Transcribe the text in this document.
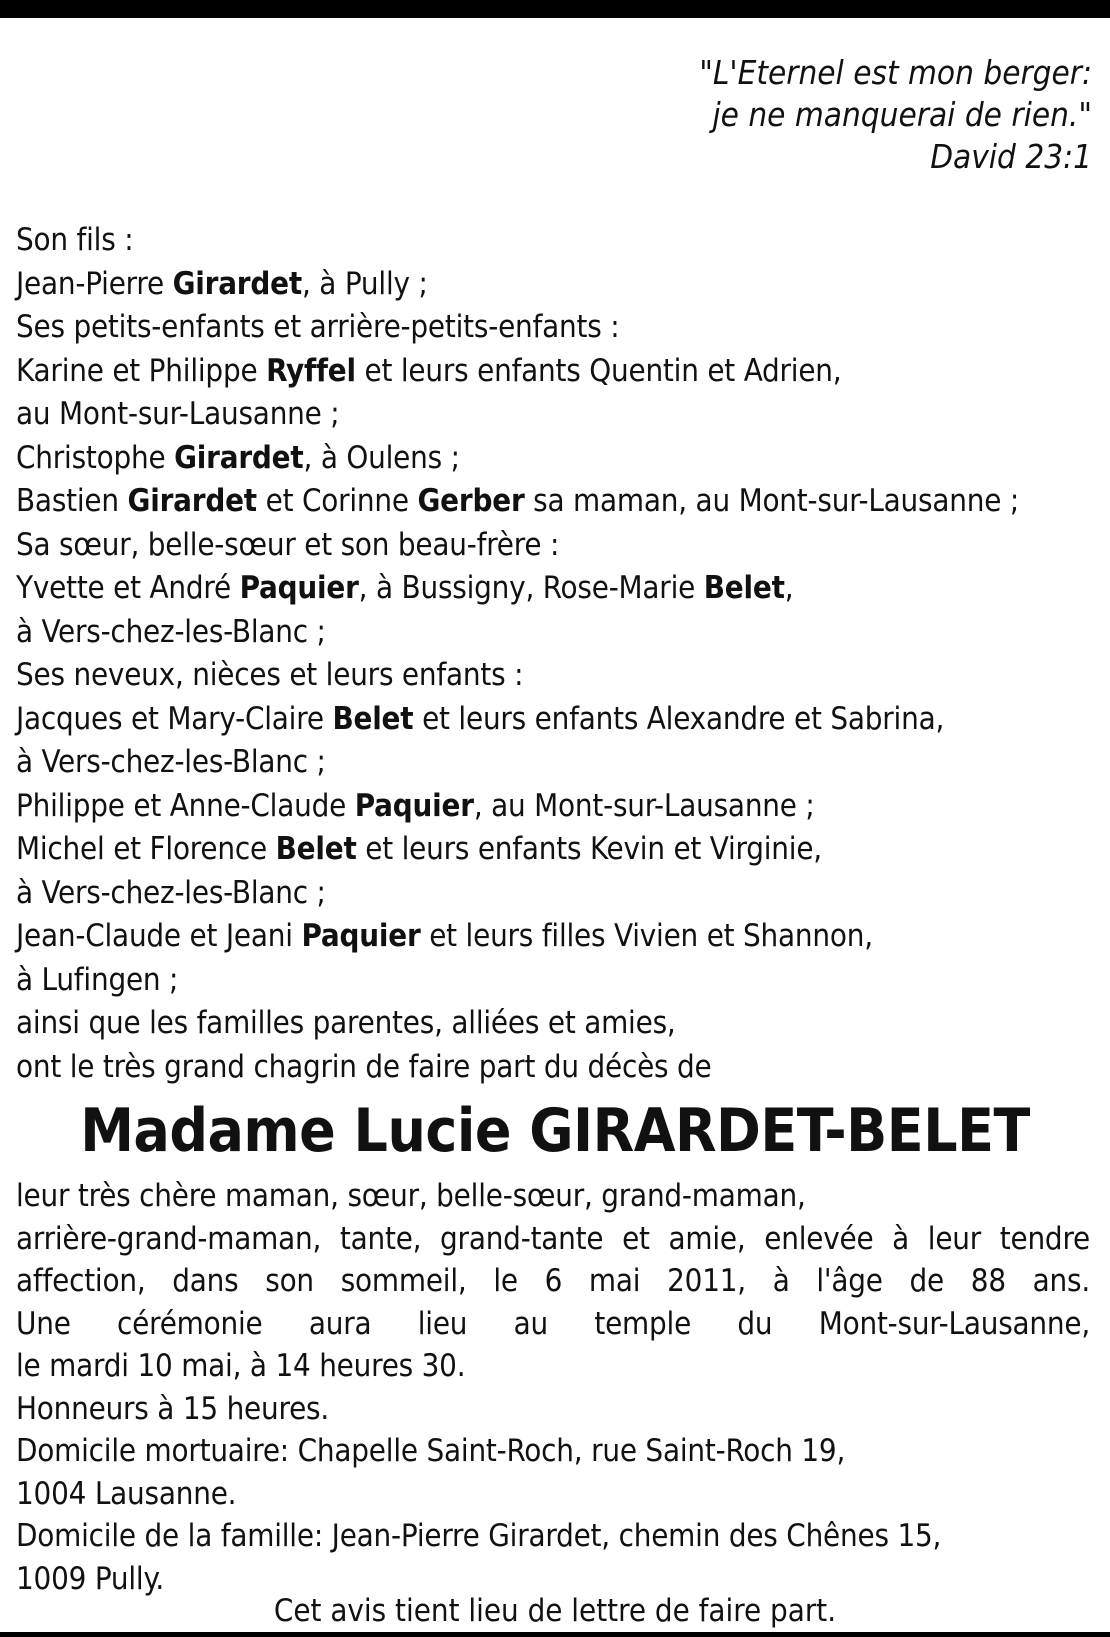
"L'Eternel est mon berger:
je ne manquerai de rien."
David 23:1
Son fils :
Jean-Pierre Girardet, à Pully ;
Ses petits-enfants et arrière-petits-enfants :
Karine et Philippe Ryffel et leurs enfants Quentin et Adrien,
au Mont-sur-Lausanne ;
Christophe Girardet, à Oulens ;
Bastien Girardet et Corinne Gerber sa maman, au Mont-sur-Lausanne ;
Sa sœur, belle-sœur et son beau-frère :
Yvette et André Paquier, à Bussigny, Rose-Marie Belet,
à Vers-chez-les-Blanc ;
Ses neveux, nièces et leurs enfants :
Jacques et Mary-Claire Belet et leurs enfants Alexandre et Sabrina,
à Vers-chez-les-Blanc ;
Philippe et Anne-Claude Paquier, au Mont-sur-Lausanne ;
Michel et Florence Belet et leurs enfants Kevin et Virginie,
à Vers-chez-les-Blanc ;
Jean-Claude et Jeani Paquier et leurs filles Vivien et Shannon,
à Lufingen ;
ainsi que les familles parentes, alliées et amies,
ont le très grand chagrin de faire part du décès de
Madame Lucie GIRARDET-BELET
leur très chère maman, sœur, belle-sœur, grand-maman,
arrière-grand-maman, tante, grand-tante et amie, enlevée à leur tendre
affection, dans son sommeil, le 6 mai 2011, à l'âge de 88 ans.
Une cérémonie aura lieu au temple du Mont-sur-Lausanne,
le mardi 10 mai, à 14 heures 30.
Honneurs à 15 heures.
Domicile mortuaire: Chapelle Saint-Roch, rue Saint-Roch 19,
1004 Lausanne.
Domicile de la famille: Jean-Pierre Girardet, chemin des Chênes 15,
1009 Pully.
Cet avis tient lieu de lettre de faire part.
